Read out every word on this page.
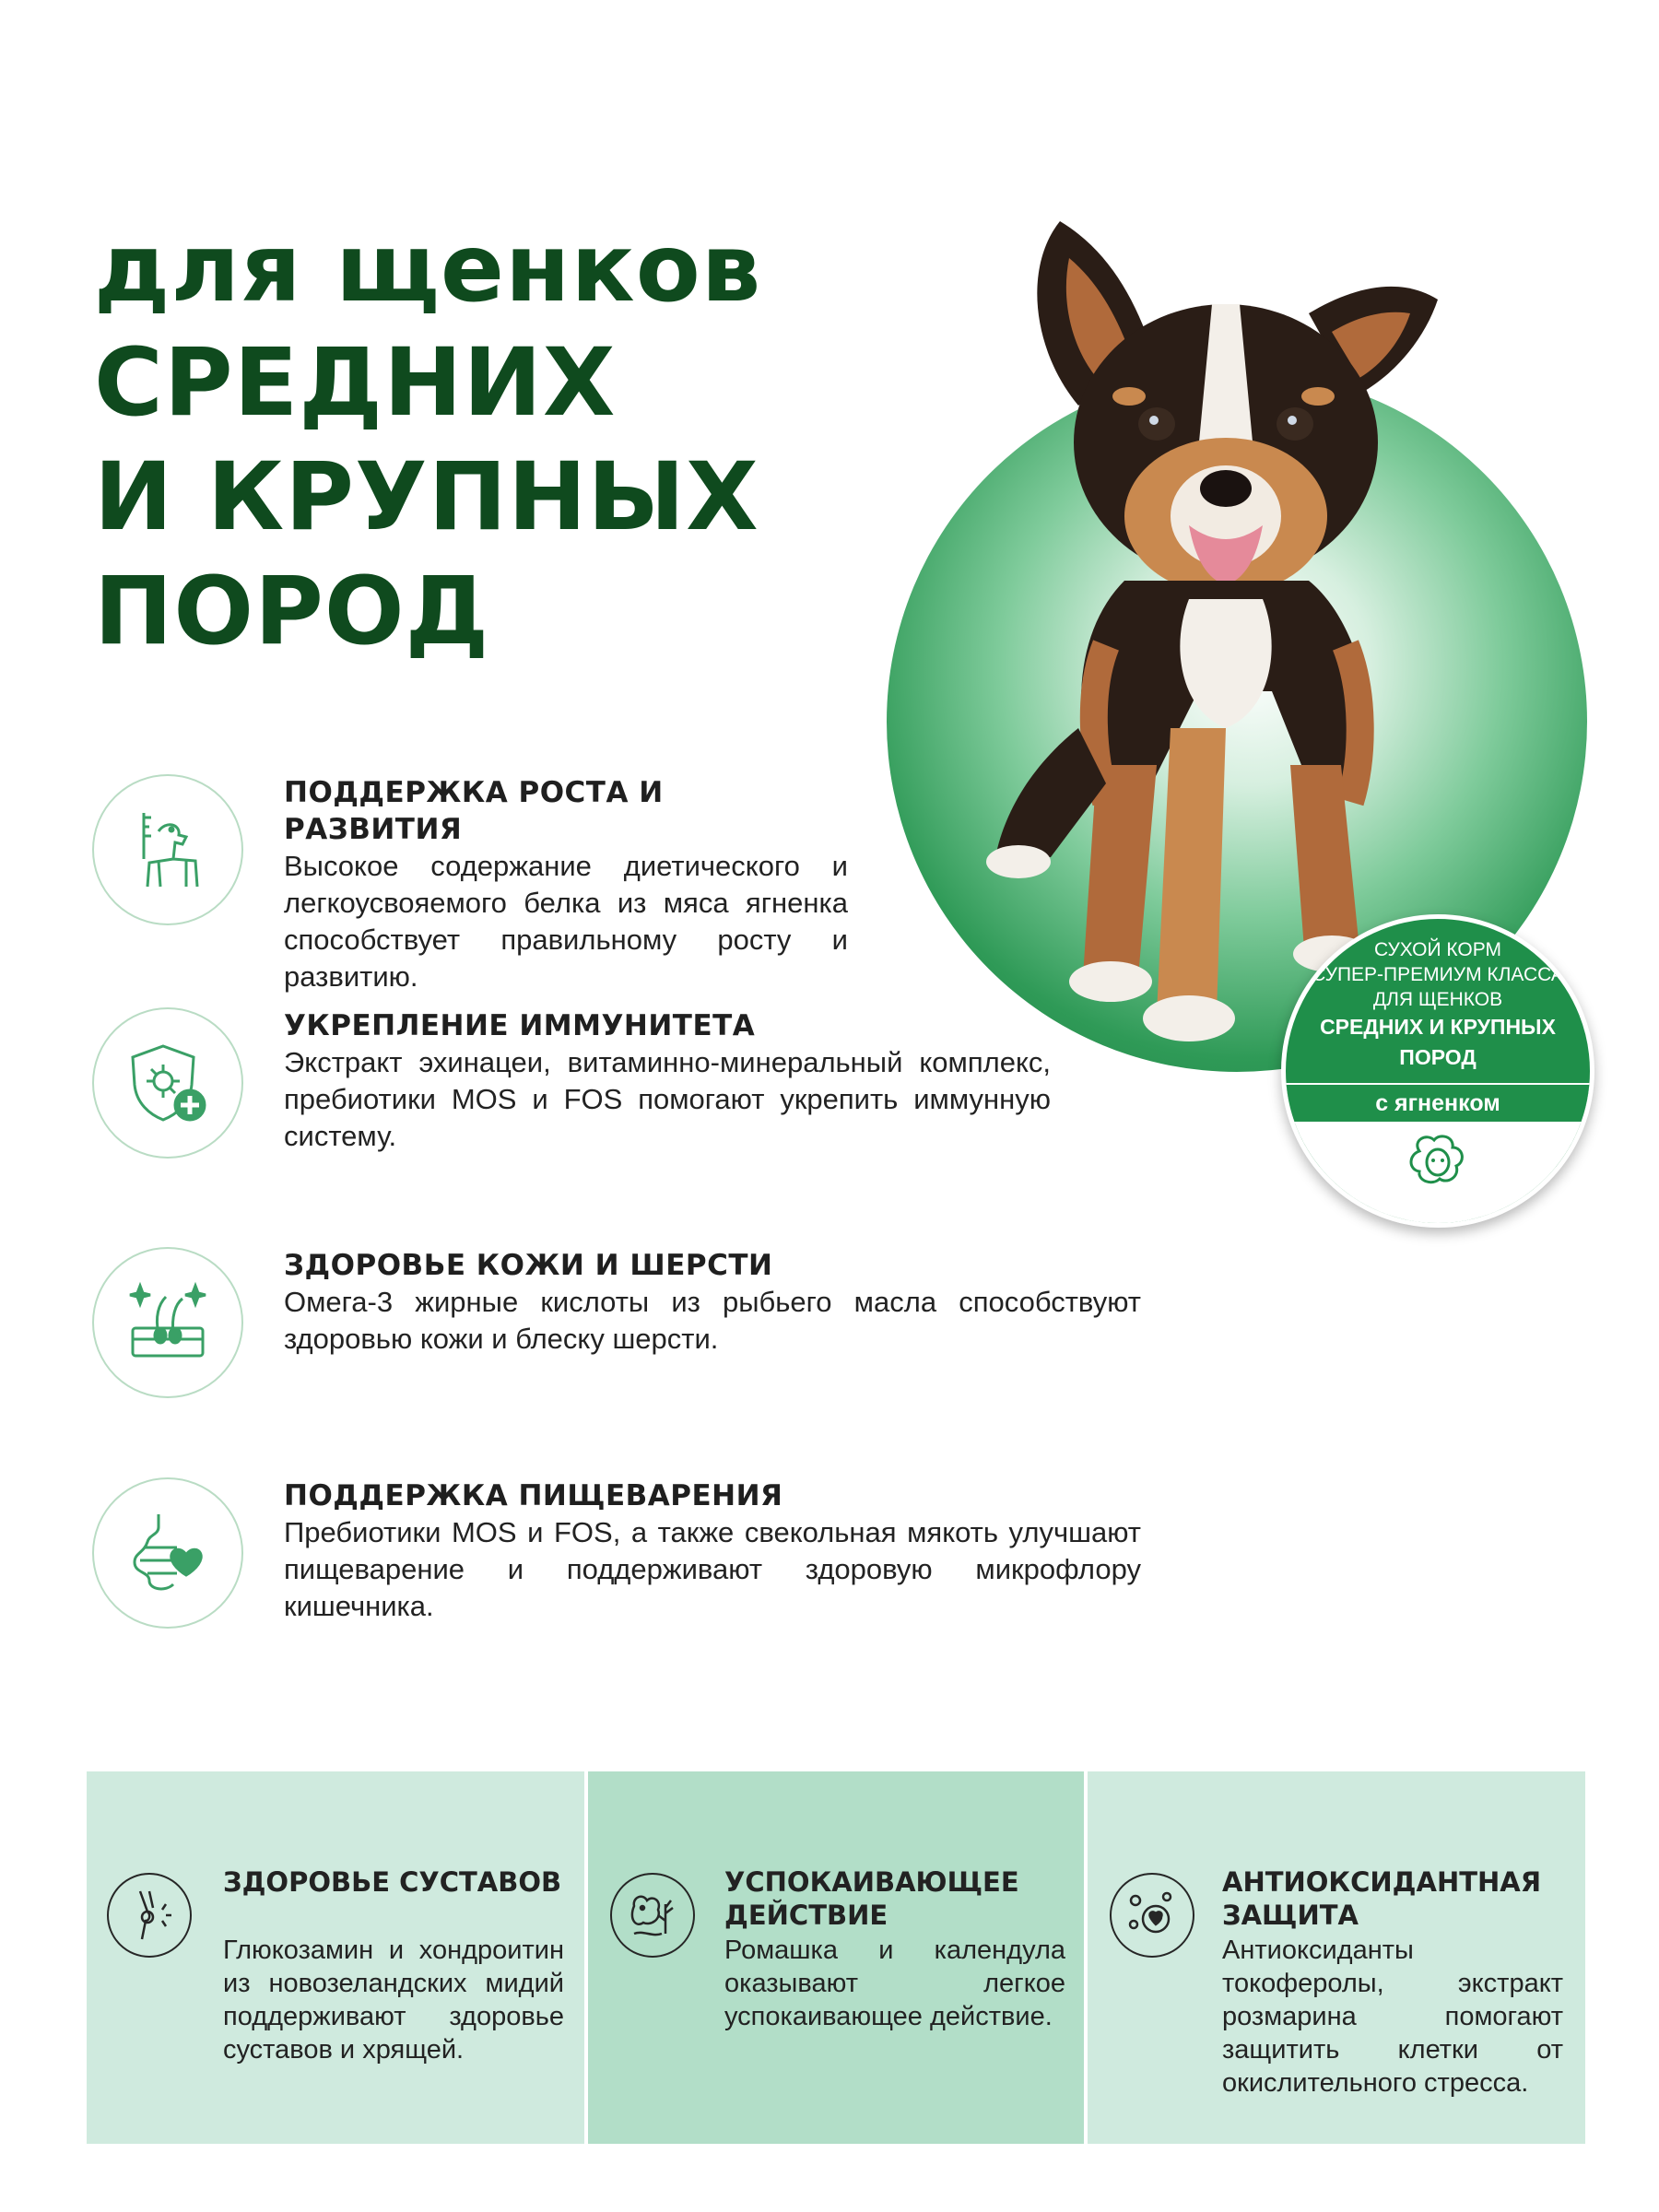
для щенков
СРЕДНИХ
И КРУПНЫХ
ПОРОД
СУХОЙ КОРМ
СУПЕР-ПРЕМИУМ КЛАССА
ДЛЯ ЩЕНКОВ
СРЕДНИХ И КРУПНЫХ
ПОРОД
с ягненком

ПОДДЕРЖКА РОСТА И РАЗВИТИЯ

Высокое содержание диетического и легкоусвояемого белка из мяса ягненка способствует правильному росту и развитию.

УКРЕПЛЕНИЕ ИММУНИТЕТА

Экстракт эхинацеи, витаминно-минеральный комплекс, пребиотики MOS и FOS помогают укрепить иммунную систему.

ЗДОРОВЬЕ КОЖИ И ШЕРСТИ

Омега-3 жирные кислоты из рыбьего масла способствуют здоровью кожи и блеску шерсти.

ПОДДЕРЖКА ПИЩЕВАРЕНИЯ

Пребиотики MOS и FOS, а также свекольная мякоть улучшают пищеварение и поддерживают здоровую микрофлору кишечника.

ЗДОРОВЬЕ СУСТАВОВ

Глюкозамин и хондроитин из новозеландских мидий поддерживают здоровье суставов и хрящей.

УСПОКАИВАЮЩЕЕ ДЕЙСТВИЕ

Ромашка и календула оказывают легкое успокаивающее действие.

АНТИОКСИДАНТНАЯ ЗАЩИТА

Антиоксиданты токоферолы, экстракт розмарина помогают защитить клетки от окислительного стресса.
